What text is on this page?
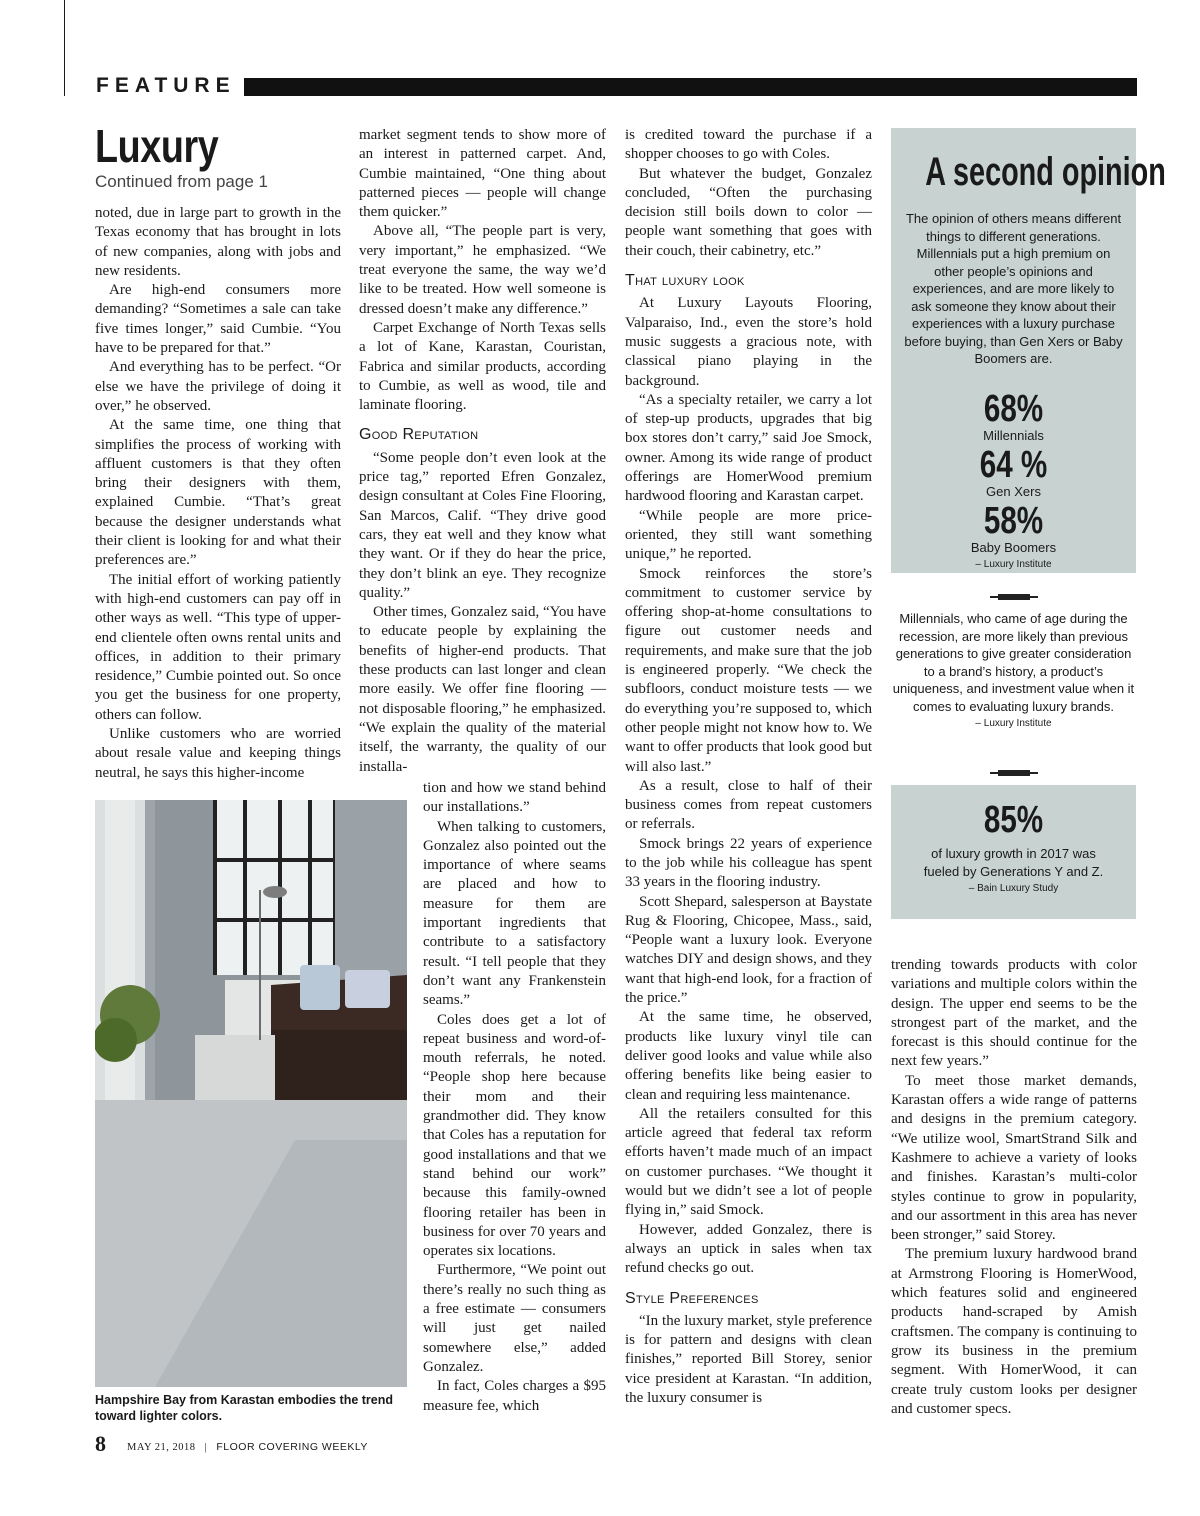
FEATURE
Luxury
Continued from page 1

noted, due in large part to growth in the Texas economy that has brought in lots of new companies, along with jobs and new residents.

Are high-end consumers more demanding? “Sometimes a sale can take five times longer,” said Cumbie. “You have to be prepared for that.”

And everything has to be perfect. “Or else we have the privilege of doing it over,” he observed.

At the same time, one thing that simplifies the process of working with affluent customers is that they often bring their designers with them, explained Cumbie. “That’s great because the designer understands what their client is looking for and what their preferences are.”

The initial effort of working patiently with high-end customers can pay off in other ways as well. “This type of upper-end clientele often owns rental units and offices, in addition to their primary residence,” Cumbie pointed out. So once you get the business for one property, others can follow.

Unlike customers who are worried about resale value and keeping things neutral, he says this higher-income

Hampshire Bay from Karastan embodies the trend toward lighter colors.

market segment tends to show more of an interest in patterned carpet. And, Cumbie maintained, “One thing about patterned pieces — people will change them quicker.”

Above all, “The people part is very, very important,” he emphasized. “We treat everyone the same, the way we’d like to be treated. How well someone is dressed doesn’t make any difference.”

Carpet Exchange of North Texas sells a lot of Kane, Karastan, Couristan, Fabrica and similar products, according to Cumbie, as well as wood, tile and laminate flooring.

Good Reputation

“Some people don’t even look at the price tag,” reported Efren Gonzalez, design consultant at Coles Fine Flooring, San Marcos, Calif. “They drive good cars, they eat well and they know what they want. Or if they do hear the price, they don’t blink an eye. They recognize quality.”

Other times, Gonzalez said, “You have to educate people by explaining the benefits of higher-end products. That these products can last longer and clean more easily. We offer fine flooring — not disposable flooring,” he emphasized. “We explain the quality of the material itself, the warranty, the quality of our installa-

tion and how we stand behind our installations.”

When talking to customers, Gonzalez also pointed out the importance of where seams are placed and how to measure for them are important ingredients that contribute to a satisfactory result. “I tell people that they don’t want any Frankenstein seams.”

Coles does get a lot of repeat business and word-of-mouth referrals, he noted. “People shop here because their mom and their grandmother did. They know that Coles has a reputation for good installations and that we stand behind our work” because this family-owned flooring retailer has been in business for over 70 years and operates six locations.

Furthermore, “We point out there’s really no such thing as a free estimate — consumers will just get nailed somewhere else,” added Gonzalez.

In fact, Coles charges a $95 measure fee, which

is credited toward the purchase if a shopper chooses to go with Coles.

But whatever the budget, Gonzalez concluded, “Often the purchasing decision still boils down to color — people want something that goes with their couch, their cabinetry, etc.”

That luxury look

At Luxury Layouts Flooring, Valparaiso, Ind., even the store’s hold music suggests a gracious note, with classical piano playing in the background.

“As a specialty retailer, we carry a lot of step-up products, upgrades that big box stores don’t carry,” said Joe Smock, owner. Among its wide range of product offerings are HomerWood premium hardwood flooring and Karastan carpet.

“While people are more price-oriented, they still want something unique,” he reported.

Smock reinforces the store’s commitment to customer service by offering shop-at-home consultations to figure out customer needs and requirements, and make sure that the job is engineered properly. “We check the subfloors, conduct moisture tests — we do everything you’re supposed to, which other people might not know how to. We want to offer products that look good but will also last.”

As a result, close to half of their business comes from repeat customers or referrals.

Smock brings 22 years of experience to the job while his colleague has spent 33 years in the flooring industry.

Scott Shepard, salesperson at Baystate Rug & Flooring, Chicopee, Mass., said, “People want a luxury look. Everyone watches DIY and design shows, and they want that high-end look, for a fraction of the price.”

At the same time, he observed, products like luxury vinyl tile can deliver good looks and value while also offering benefits like being easier to clean and requiring less maintenance.

All the retailers consulted for this article agreed that federal tax reform efforts haven’t made much of an impact on customer purchases. “We thought it would but we didn’t see a lot of people flying in,” said Smock.

However, added Gonzalez, there is always an uptick in sales when tax refund checks go out.

Style Preferences

“In the luxury market, style preference is for pattern and designs with clean finishes,” reported Bill Storey, senior vice president at Karastan. “In addition, the luxury consumer is

A second opinion
The opinion of others means different things to different generations. Millennials put a high premium on other people’s opinions and experiences, and are more likely to ask someone they know about their experiences with a luxury purchase before buying, than Gen Xers or Baby Boomers are.
68%
Millennials
64 %
Gen Xers
58%
Baby Boomers
– Luxury Institute
Millennials, who came of age during the recession, are more likely than previous generations to give greater consideration to a brand’s history, a product’s uniqueness, and investment value when it comes to evaluating luxury brands.
– Luxury Institute
85%
of luxury growth in 2017 was fueled by Generations Y and Z.
– Bain Luxury Study

trending towards products with color variations and multiple colors within the design. The upper end seems to be the strongest part of the market, and the forecast is this should continue for the next few years.”

To meet those market demands, Karastan offers a wide range of patterns and designs in the premium category. “We utilize wool, SmartStrand Silk and Kashmere to achieve a variety of looks and finishes. Karastan’s multi-color styles continue to grow in popularity, and our assortment in this area has never been stronger,” said Storey.

The premium luxury hardwood brand at Armstrong Flooring is HomerWood, which features solid and engineered products hand-scraped by Amish craftsmen. The company is continuing to grow its business in the premium segment. With HomerWood, it can create truly custom looks per designer and customer specs.

8 MAY 21, 2018 | FLOOR COVERING WEEKLY
